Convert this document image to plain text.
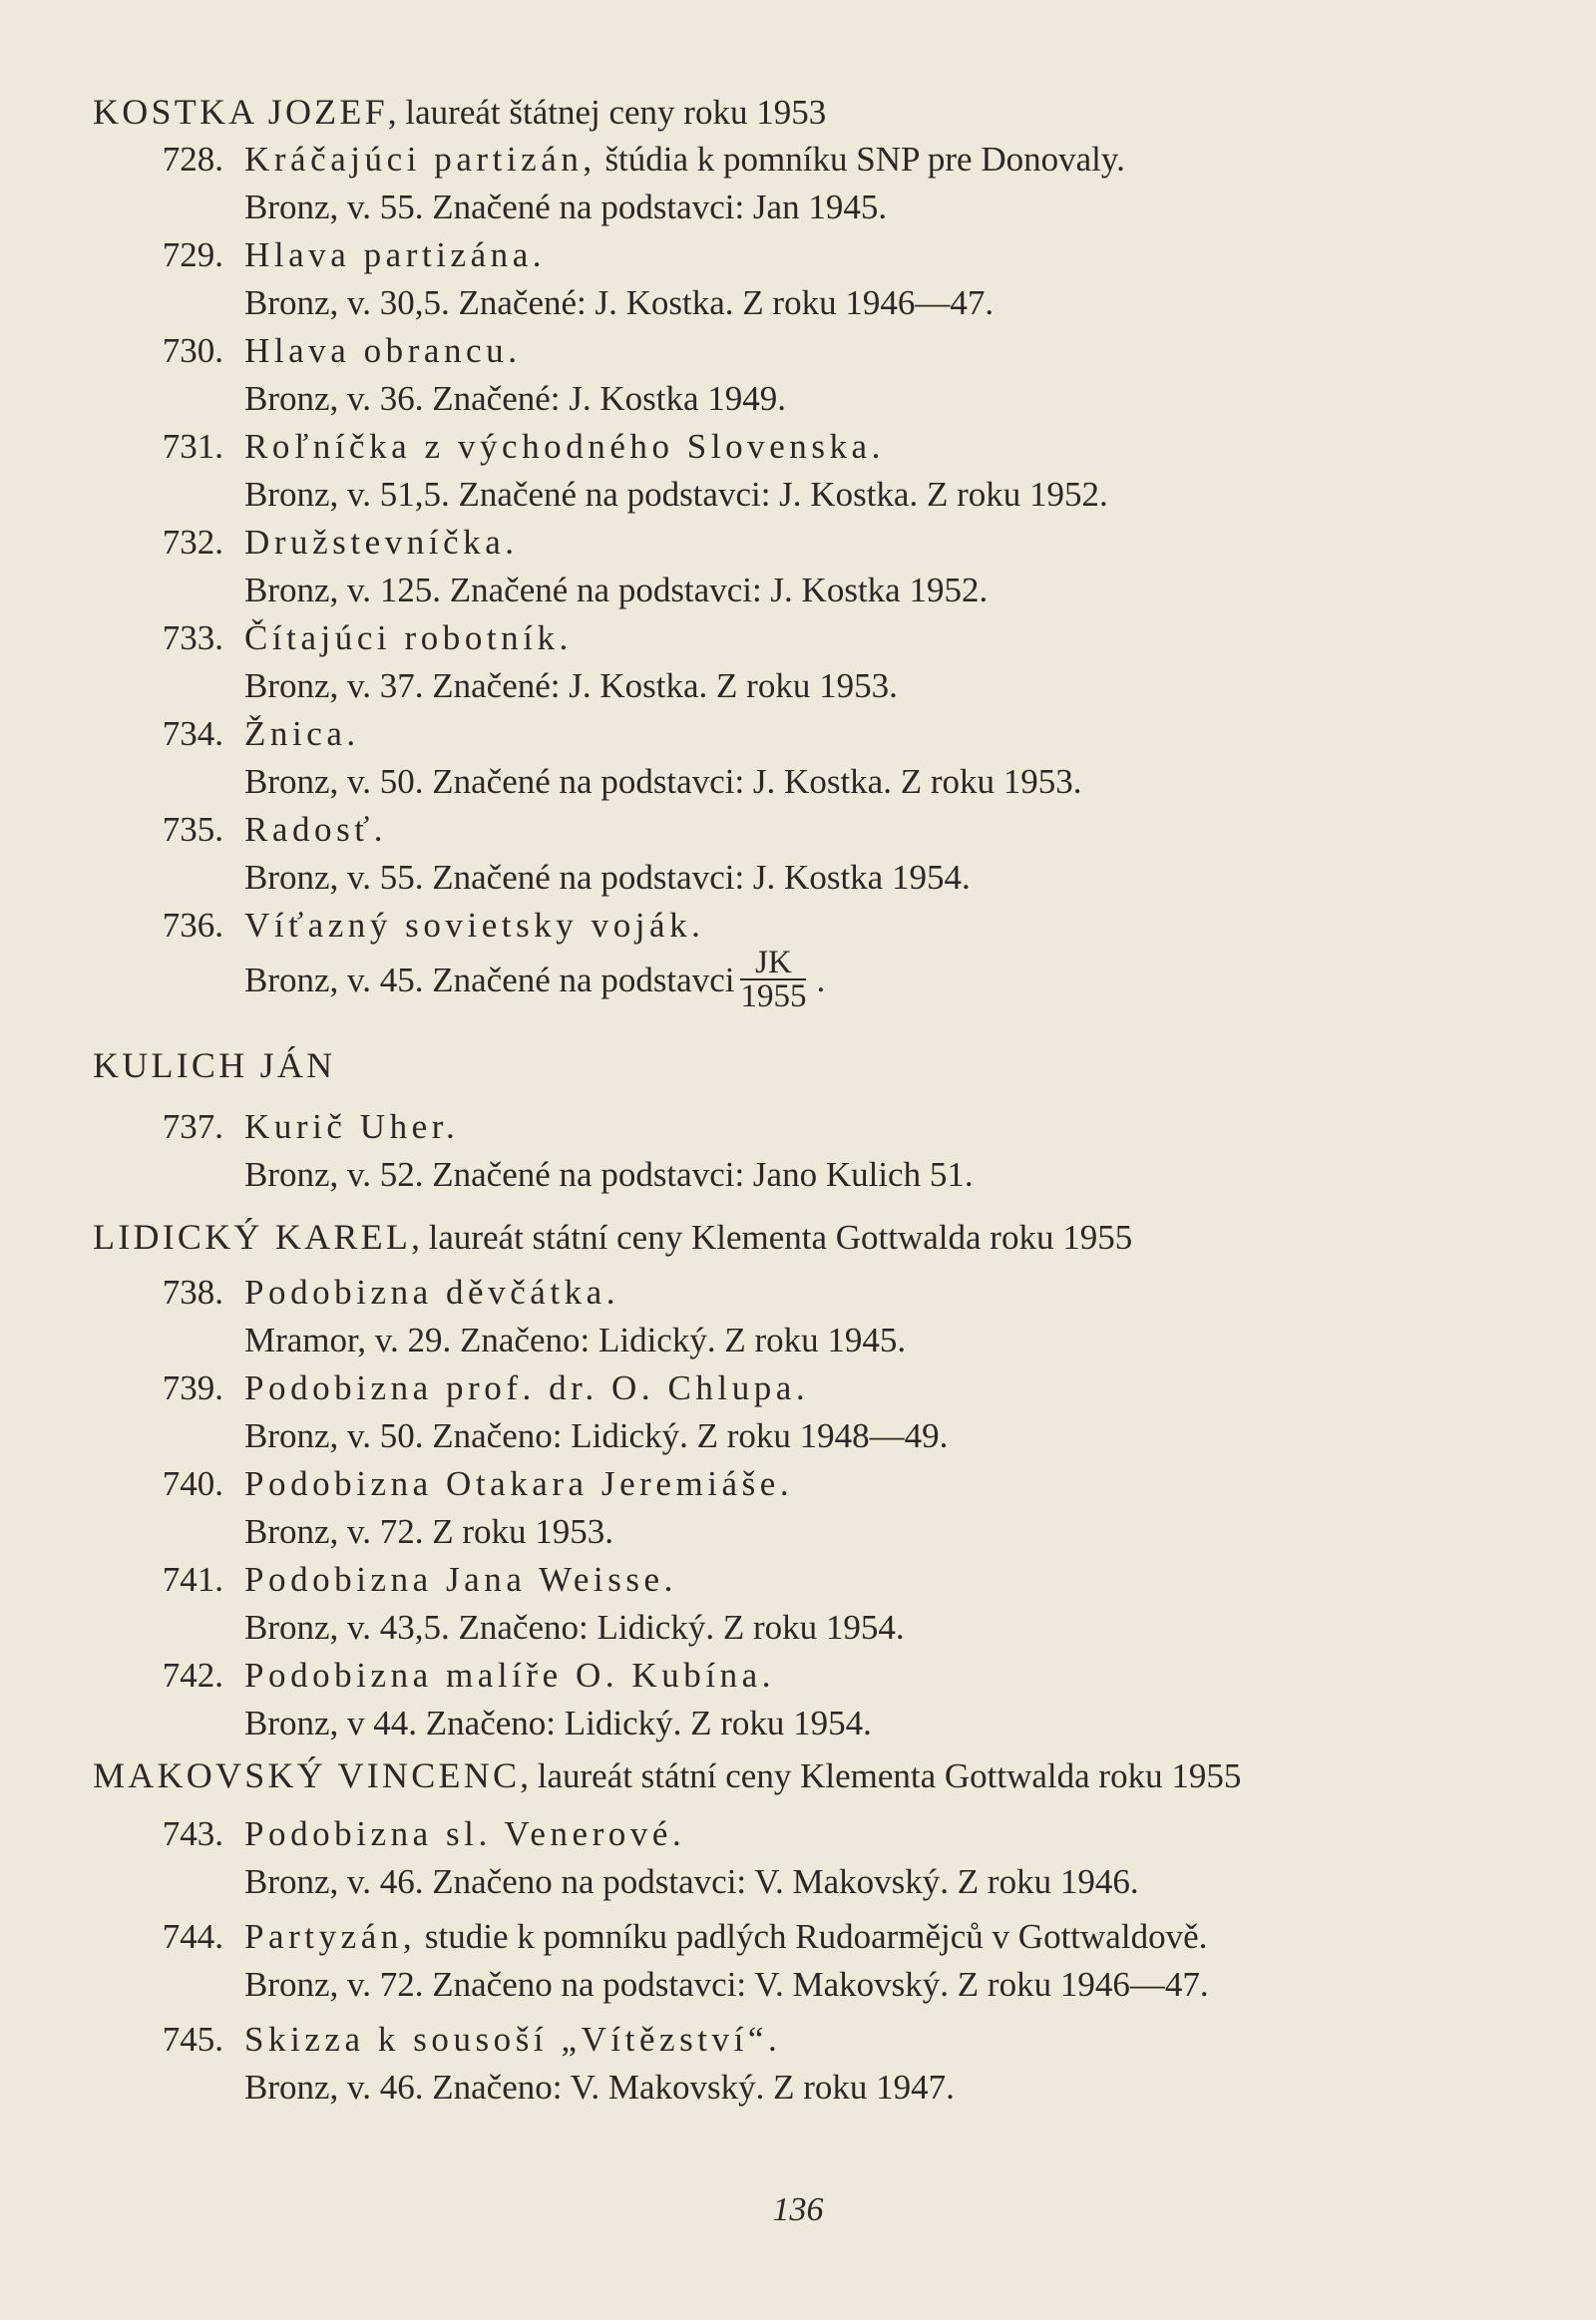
KOSTKA JOZEF, laureát štátnej ceny roku 1953
728. Kráčajúci partizán, štúdia k pomníku SNP pre Donovaly.
Bronz, v. 55. Značené na podstavci: Jan 1945.
729. Hlava partizána.
Bronz, v. 30,5. Značené: J. Kostka. Z roku 1946—47.
730. Hlava obrancu.
Bronz, v. 36. Značené: J. Kostka 1949.
731. Roľníčka z východného Slovenska.
Bronz, v. 51,5. Značené na podstavci: J. Kostka. Z roku 1952.
732. Družstevníčka.
Bronz, v. 125. Značené na podstavci: J. Kostka 1952.
733. Čítajúci robotník.
Bronz, v. 37. Značené: J. Kostka. Z roku 1953.
734. Žnica.
Bronz, v. 50. Značené na podstavci: J. Kostka. Z roku 1953.
735. Radosť.
Bronz, v. 55. Značené na podstavci: J. Kostka 1954.
736. Víťazný sovietsky voják.
Bronz, v. 45. Značené na podstavci $\frac{JK}{1955}$ .
KULICH JÁN
737. Kurič Uher.
Bronz, v. 52. Značené na podstavci: Jano Kulich 51.
LIDICKÝ KAREL, laureát státní ceny Klementa Gottwalda roku 1955
738. Podobizna děvčátka.
Mramor, v. 29. Značeno: Lidický. Z roku 1945.
739. Podobizna prof. dr. O. Chlupa.
Bronz, v. 50. Značeno: Lidický. Z roku 1948—49.
740. Podobizna Otakara Jeremiáše.
Bronz, v. 72. Z roku 1953.
741. Podobizna Jana Weisse.
Bronz, v. 43,5. Značeno: Lidický. Z roku 1954.
742. Podobizna malíře O. Kubína.
Bronz, v 44. Značeno: Lidický. Z roku 1954.
MAKOVSKÝ VINCENC, laureát státní ceny Klementa Gottwalda roku 1955
743. Podobizna sl. Venerové.
Bronz, v. 46. Značeno na podstavci: V. Makovský. Z roku 1946.
744. Partyzán, studie k pomníku padlých Rudoarmějců v Gottwaldově.
Bronz, v. 72. Značeno na podstavci: V. Makovský. Z roku 1946—47.
745. Skizza k sousoší „Vítězství“.
Bronz, v. 46. Značeno: V. Makovský. Z roku 1947.
136
